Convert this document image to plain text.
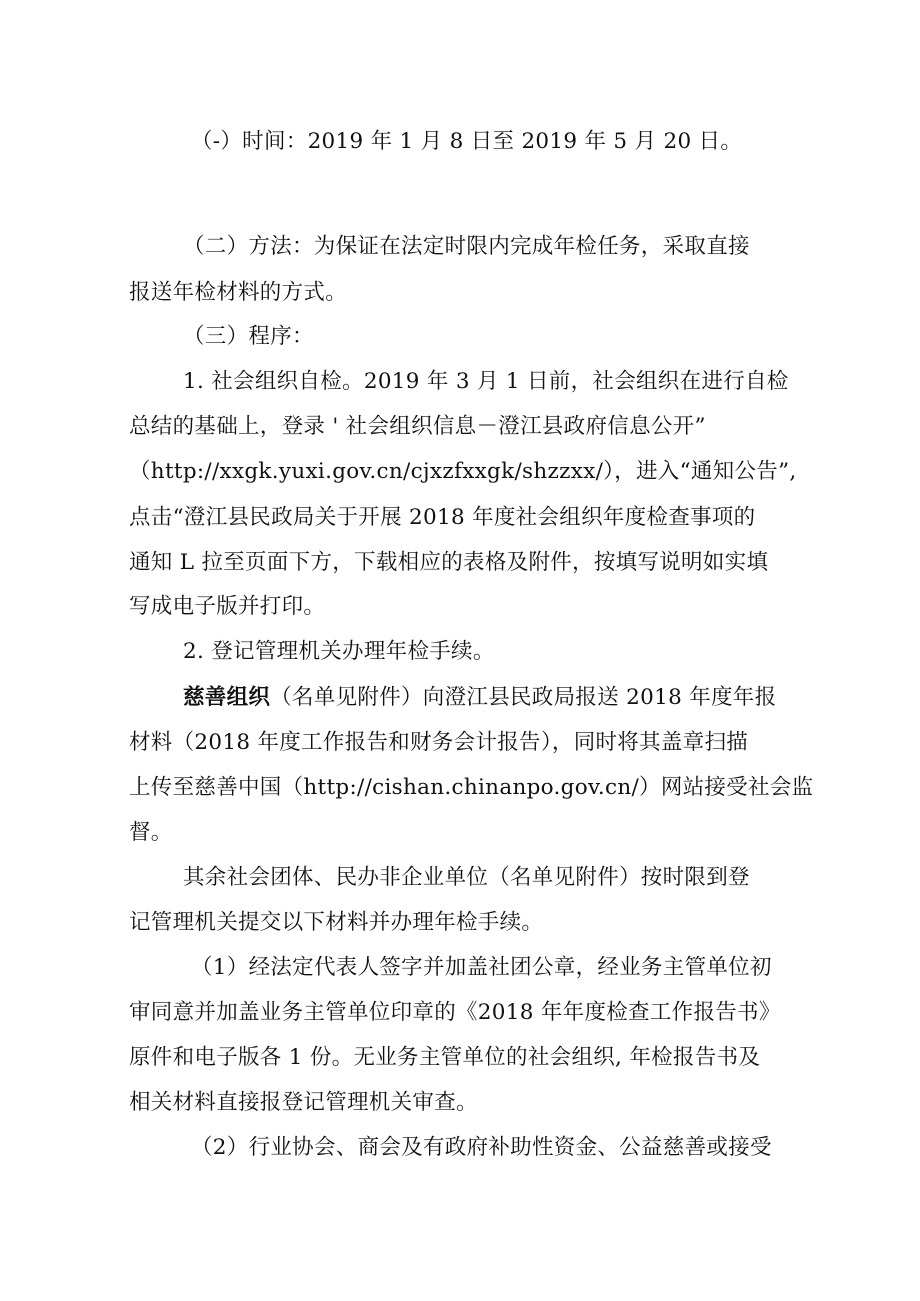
（-）时间：2019 年 1 月 8 日至 2019 年 5 月 20 日。
（二）方法：为保证在法定时限内完成年检任务，采取直接
报送年检材料的方式。
（三）程序：
1. 社会组织自检。2019 年 3 月 1 日前，社会组织在进行自检
总结的基础上，登录 ' 社会组织信息－澄江县政府信息公开”
（http://xxgk.yuxi.gov.cn/cjxzfxxgk/shzzxx/），进入“通知公告”,
点击“澄江县民政局关于开展 2018 年度社会组织年度检查事项的
通知 L 拉至页面下方，下载相应的表格及附件，按填写说明如实填
写成电子版并打印。
2. 登记管理机关办理年检手续。
慈善组织（名单见附件）向澄江县民政局报送 2018 年度年报
材料（2018 年度工作报告和财务会计报告），同时将其盖章扫描
上传至慈善中国（http://cishan.chinanpo.gov.cn/）网站接受社会监
督。
其余社会团体、民办非企业单位（名单见附件）按时限到登
记管理机关提交以下材料并办理年检手续。
（1）经法定代表人签字并加盖社团公章，经业务主管单位初
审同意并加盖业务主管单位印章的《2018 年年度检查工作报告书》
原件和电子版各 1 份。无业务主管单位的社会组织, 年检报告书及
相关材料直接报登记管理机关审查。
（2）行业协会、商会及有政府补助性资金、公益慈善或接受
